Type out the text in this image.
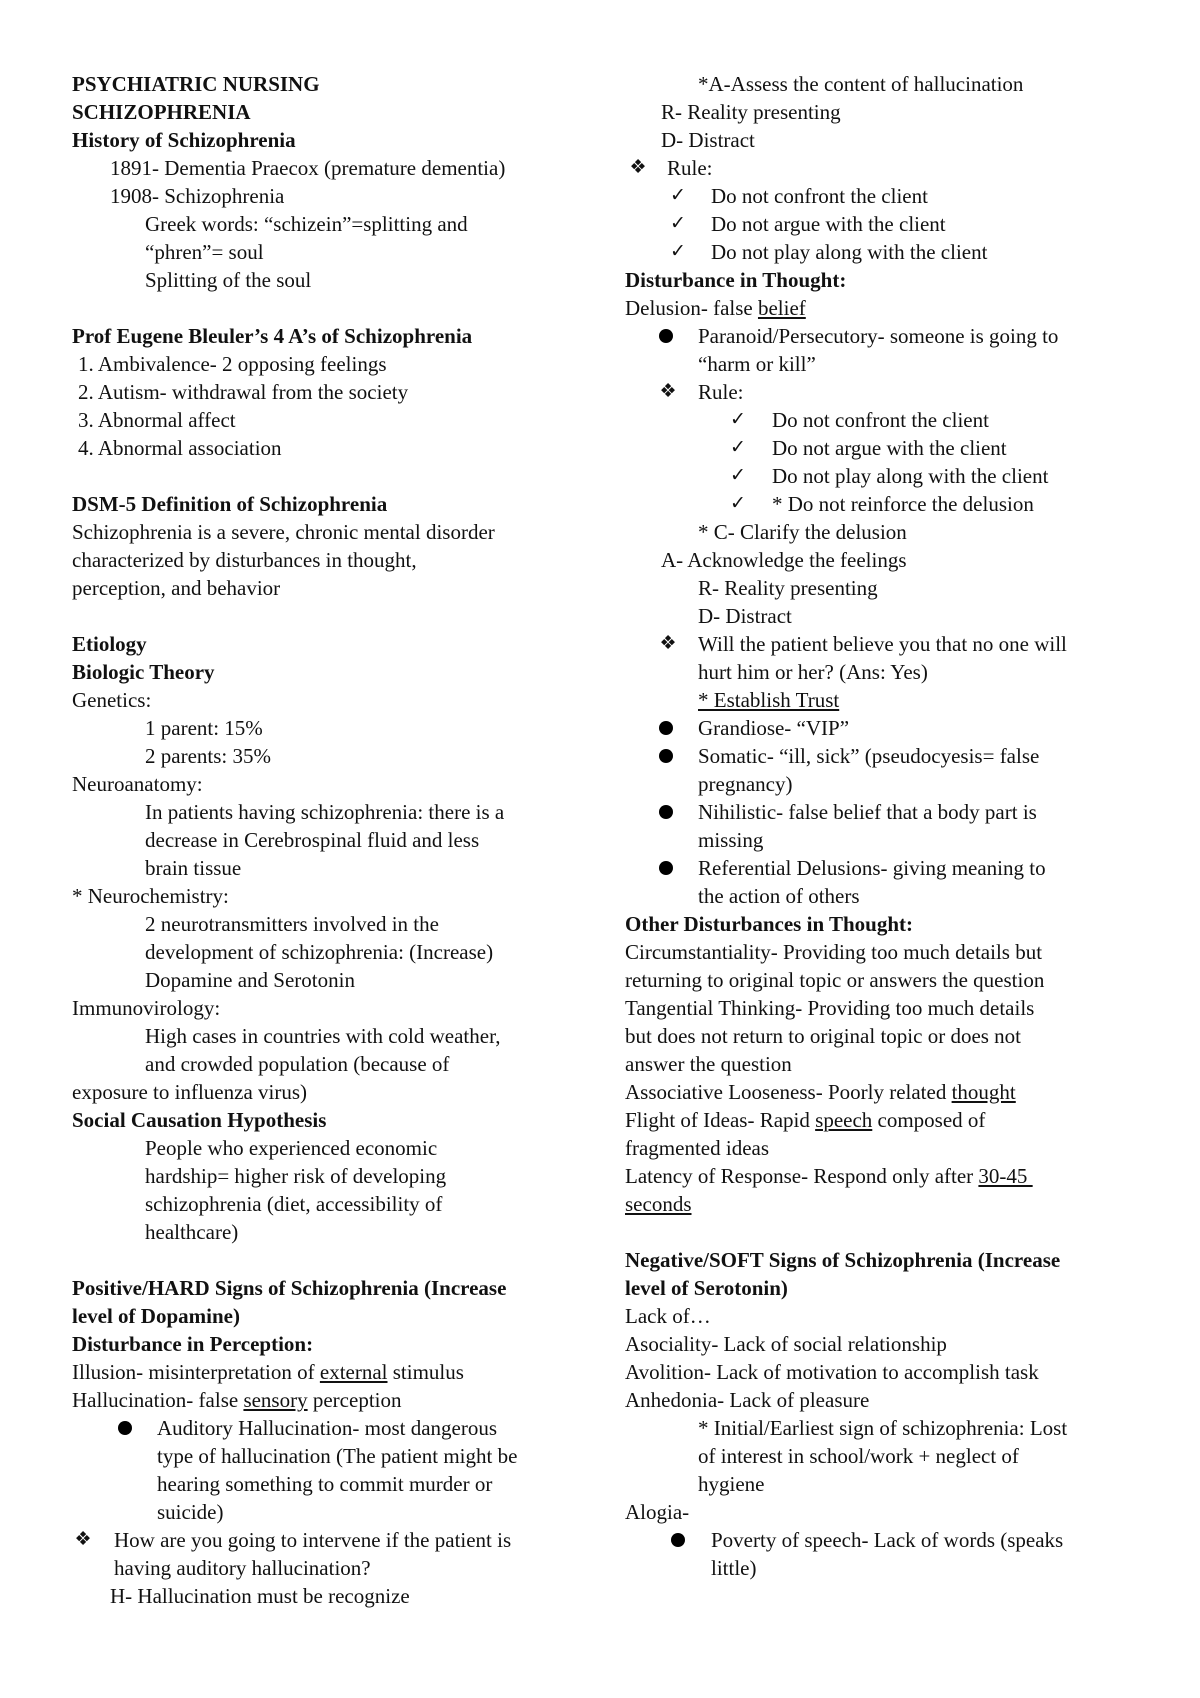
PSYCHIATRIC NURSING
SCHIZOPHRENIA
History of Schizophrenia
1891- Dementia Praecox (premature dementia)
1908- Schizophrenia
Greek words: “schizein”=splitting and
“phren”= soul
Splitting of the soul
Prof Eugene Bleuler’s 4 A’s of Schizophrenia
1. Ambivalence- 2 opposing feelings
2. Autism- withdrawal from the society
3. Abnormal affect
4. Abnormal association
DSM-5 Definition of Schizophrenia
Schizophrenia is a severe, chronic mental disorder
characterized by disturbances in thought,
perception, and behavior
Etiology
Biologic Theory
Genetics:
1 parent: 15%
2 parents: 35%
Neuroanatomy:
In patients having schizophrenia: there is a
decrease in Cerebrospinal fluid and less
brain tissue
* Neurochemistry:
2 neurotransmitters involved in the
development of schizophrenia: (Increase)
Dopamine and Serotonin
Immunovirology:
High cases in countries with cold weather,
and crowded population (because of
exposure to influenza virus)
Social Causation Hypothesis
People who experienced economic
hardship= higher risk of developing
schizophrenia (diet, accessibility of
healthcare)
Positive/HARD Signs of Schizophrenia (Increase
level of Dopamine)
Disturbance in Perception:
Illusion- misinterpretation of external stimulus
Hallucination- false sensory perception
Auditory Hallucination- most dangerous
type of hallucination (The patient might be
hearing something to commit murder or
suicide)
❖ How are you going to intervene if the patient is
having auditory hallucination?
H- Hallucination must be recognize
*A-Assess the content of hallucination
R- Reality presenting
D- Distract
❖ Rule:
✓ Do not confront the client
✓ Do not argue with the client
✓ Do not play along with the client
Disturbance in Thought:
Delusion- false belief
Paranoid/Persecutory- someone is going to
“harm or kill”
❖ Rule:
✓ Do not confront the client
✓ Do not argue with the client
✓ Do not play along with the client
✓ * Do not reinforce the delusion
* C- Clarify the delusion
A- Acknowledge the feelings
R- Reality presenting
D- Distract
❖ Will the patient believe you that no one will
hurt him or her? (Ans: Yes)
* Establish Trust
Grandiose- “VIP”
Somatic- “ill, sick” (pseudocyesis= false
pregnancy)
Nihilistic- false belief that a body part is
missing
Referential Delusions- giving meaning to
the action of others
Other Disturbances in Thought:
Circumstantiality- Providing too much details but
returning to original topic or answers the question
Tangential Thinking- Providing too much details
but does not return to original topic or does not
answer the question
Associative Looseness- Poorly related thought
Flight of Ideas- Rapid speech composed of
fragmented ideas
Latency of Response- Respond only after 30-45
seconds
Negative/SOFT Signs of Schizophrenia (Increase
level of Serotonin)
Lack of…
Asociality- Lack of social relationship
Avolition- Lack of motivation to accomplish task
Anhedonia- Lack of pleasure
* Initial/Earliest sign of schizophrenia: Lost
of interest in school/work + neglect of
hygiene
Alogia-
Poverty of speech- Lack of words (speaks
little)
